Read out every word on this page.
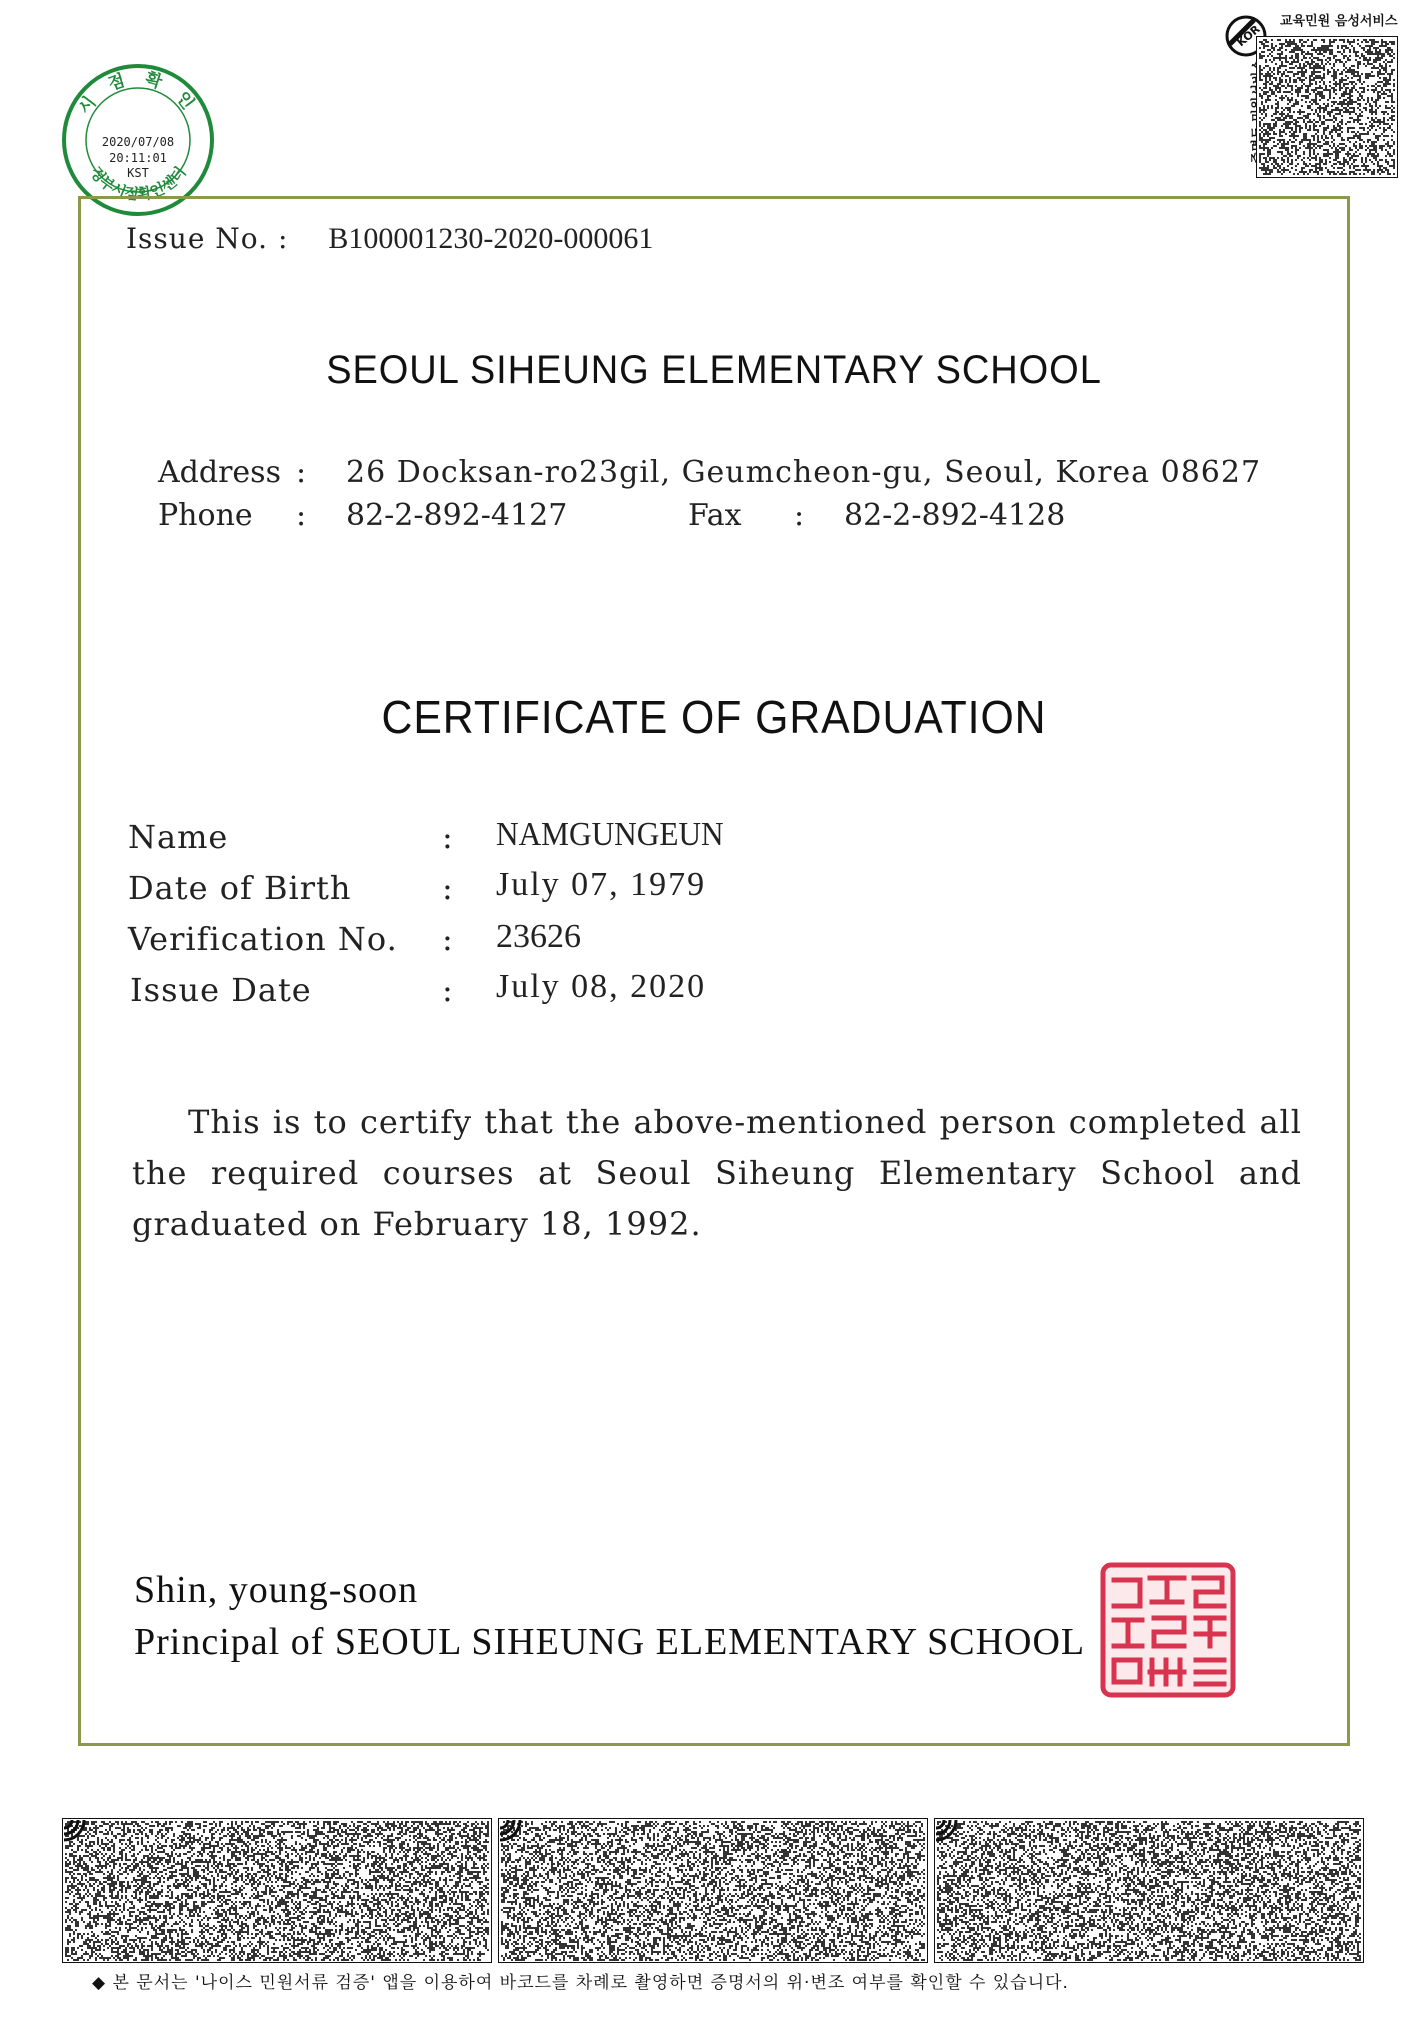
시 점 확 인
정부시점확인센터
2020/07/08
20:11:01
KST
교육민원 음성서비스
KOR
Issue No. : B100001230-2020-000061
SEOUL SIHEUNG ELEMENTARY SCHOOL
Address : 26 Docksan-ro23gil, Geumcheon-gu, Seoul, Korea 08627
Phone : 82-2-892-4127	Fax : 82-2-892-4128
CERTIFICATE OF GRADUATION
Name
Date of Birth
Verification No.
Issue Date
:
:
:
:
NAMGUNGEUN
July 07, 1979
23626
July 08, 2020

This is to certify that the above-mentioned person completed all the required courses at Seoul Siheung Elementary School and graduated on February 18, 1992.

Shin, young-soon
Principal of SEOUL SIHEUNG ELEMENTARY SCHOOL
◆ 본 문서는 '나이스 민원서류 검증' 앱을 이용하여 바코드를 차례로 촬영하면 증명서의 위·변조 여부를 확인할 수 있습니다.
